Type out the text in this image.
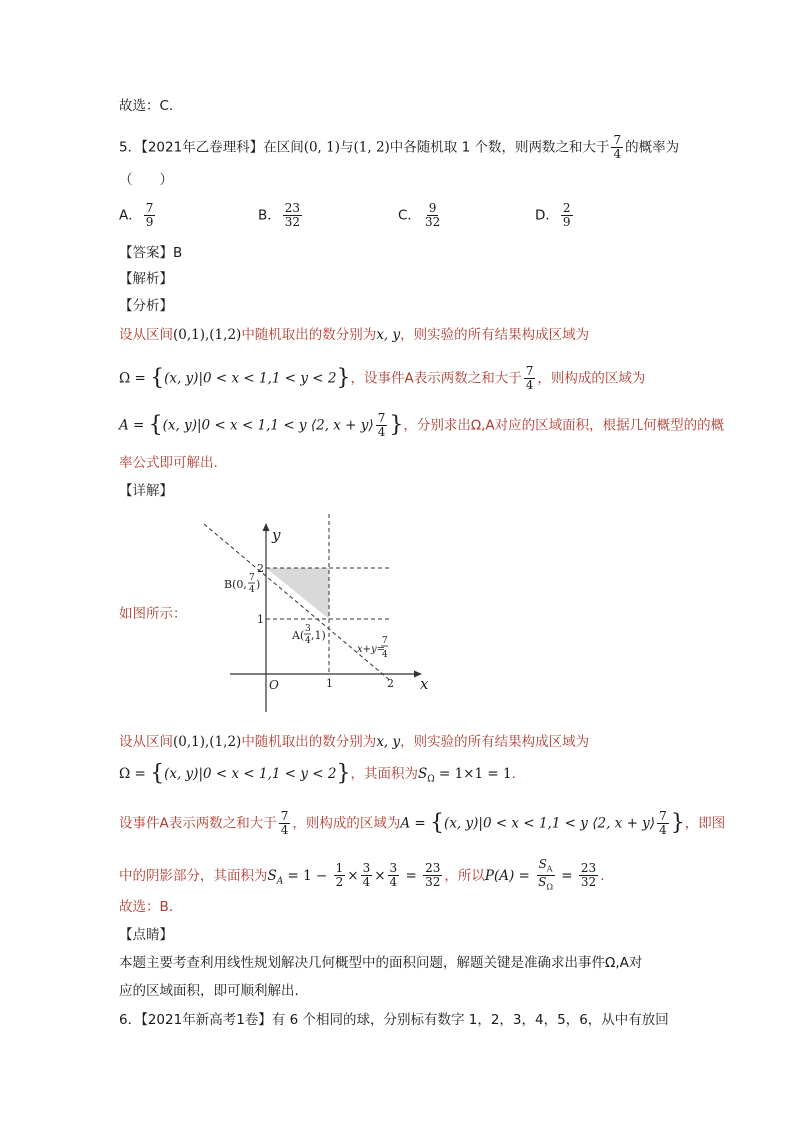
故选：C.
5．【2021年乙卷理科】在区间(0, 1)与(1, 2)中各随机取 1 个数，则两数之和大于 $\frac{7}{4}$ 的概率为
（　　）
A． $\frac{7}{9}$	B． $\frac{23}{32}$	C． $\frac{9}{32}$	D． $\frac{2}{9}$
【答案】B
【解析】
【分析】
设从区间(0,1),(1,2)中随机取出的数分别为x, y，则实验的所有结果构成区域为
Ω = {(x, y)|0 < x < 1,1 < y < 2}，设事件A表示两数之和大于 $\frac{7}{4}$ ，则构成的区域为
A = {(x, y)|0 < x < 1,1 < y ⟨2, x + y⟩ $\frac{7}{4}$ }，分别求出Ω,A对应的区域面积，根据几何概型的的概
率公式即可解出.
【详解】
如图所示：
y
x
O
2
1
1	2
B(0, 7
4 )
A( 3
4 ,1)
x+y=
7
4
设从区间(0,1),(1,2)中随机取出的数分别为x, y，则实验的所有结果构成区域为
Ω = {(x, y)|0 < x < 1,1 < y < 2}，其面积为$S_\Omega = 1\times 1 = 1$．
设事件A表示两数之和大于 $\frac{7}{4}$ ，则构成的区域为A = {(x, y)|0 < x < 1,1 < y ⟨2, x + y⟩ $\frac{7}{4}$ }，即图
中的阴影部分，其面积为$S_A = 1 - \frac{1}{2} \times \frac{3}{4} \times \frac{3}{4} = \frac{23}{32}$ ，所以$P(A) = \frac{S_A}{S_\Omega} = \frac{23}{32}$ ．
故选：B.
【点睛】
本题主要考查利用线性规划解决几何概型中的面积问题，解题关键是准确求出事件Ω,A对
应的区域面积，即可顺利解出.
6．【2021年新高考1卷】有 6 个相同的球，分别标有数字 1，2，3，4，5，6，从中有放回
